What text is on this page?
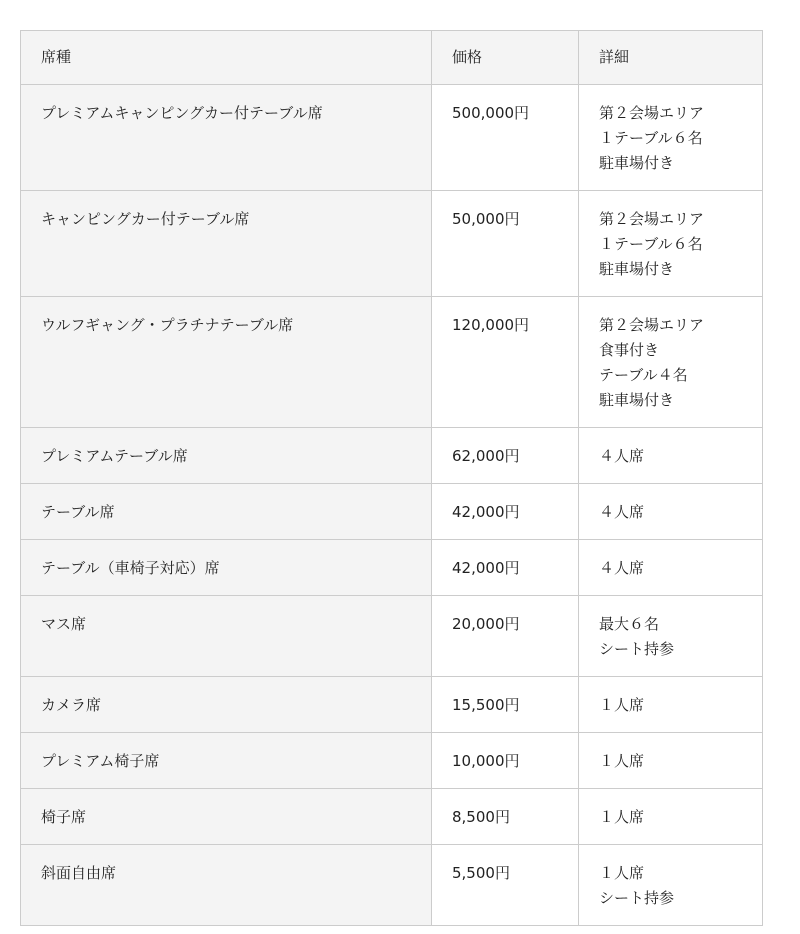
席種	価格	詳細
プレミアムキャンピングカー付テーブル席	500,000円	第２会場エリア
１テーブル６名
駐車場付き

キャンピングカー付テーブル席	50,000円	第２会場エリア
１テーブル６名
駐車場付き

ウルフギャング・プラチナテーブル席	120,000円	第２会場エリア
食事付き
テーブル４名
駐車場付き

プレミアムテーブル席	62,000円	４人席

テーブル席	42,000円	４人席

テーブル（車椅子対応）席	42,000円	４人席

マス席	20,000円	最大６名
シート持参

カメラ席	15,500円	１人席

プレミアム椅子席	10,000円	１人席

椅子席	8,500円	１人席

斜面自由席	5,500円	１人席
シート持参
